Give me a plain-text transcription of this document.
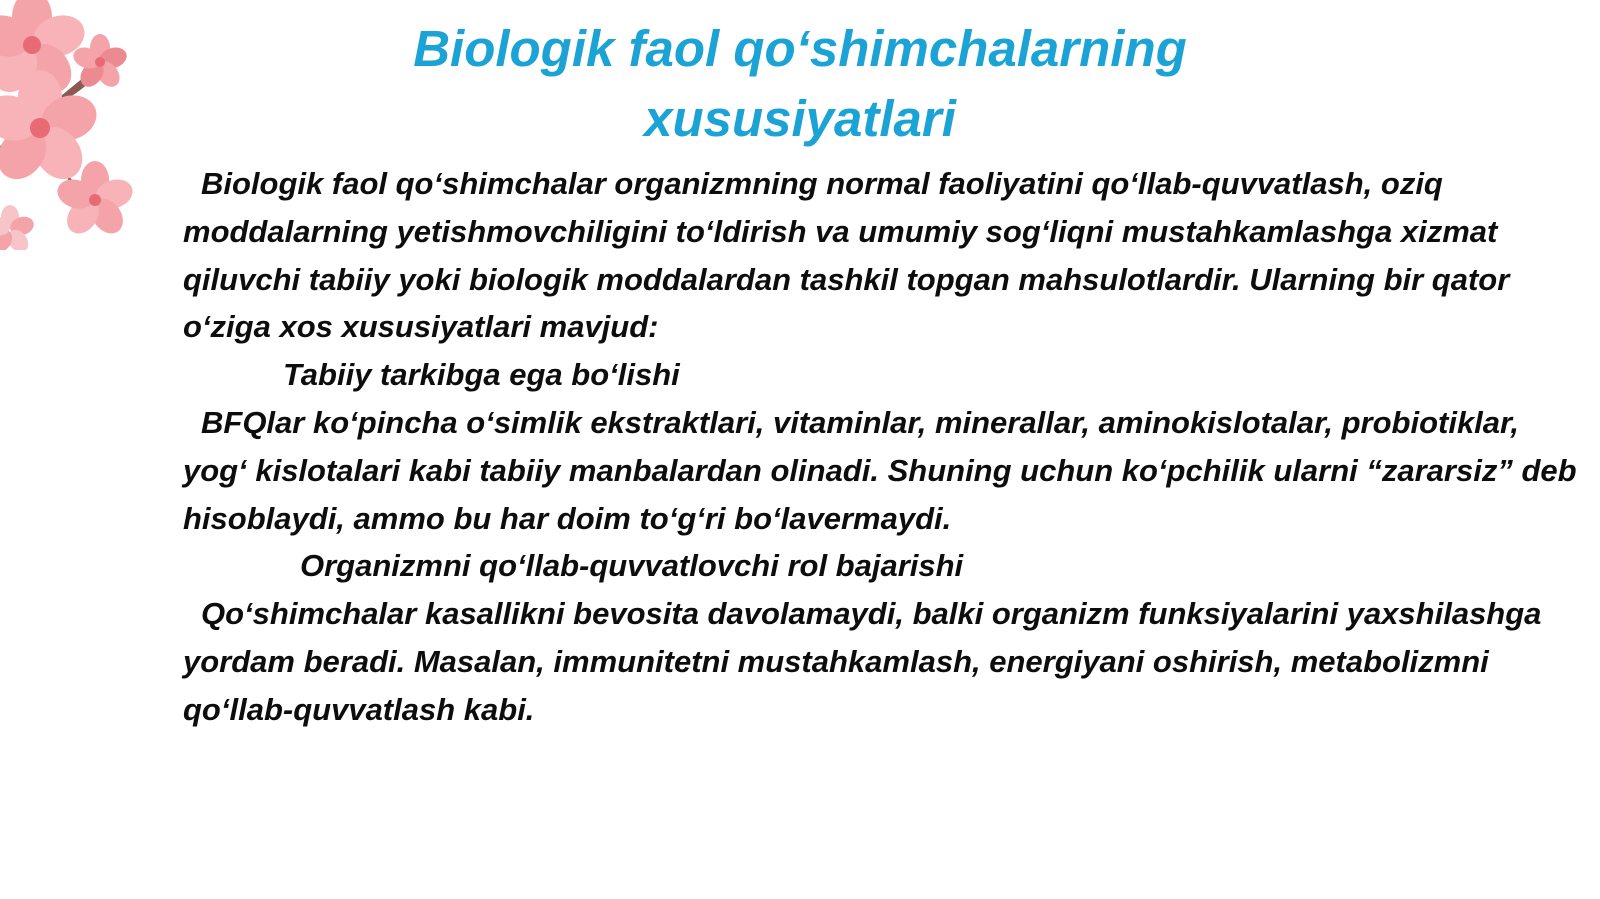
Biologik faol qo‘shimchalarning
xususiyatlari

Biologik faol qo‘shimchalar organizmning normal faoliyatini qo‘llab-quvvatlash, oziq moddalarning yetishmovchiligini to‘ldirish va umumiy sog‘liqni mustahkamlashga xizmat qiluvchi tabiiy yoki biologik moddalardan tashkil topgan mahsulotlardir. Ularning bir qator o‘ziga xos xususiyatlari mavjud:

Tabiiy tarkibga ega bo‘lishi

BFQlar ko‘pincha o‘simlik ekstraktlari, vitaminlar, minerallar, aminokislotalar, probiotiklar, yog‘ kislotalari kabi tabiiy manbalardan olinadi. Shuning uchun ko‘pchilik ularni “zararsiz” deb hisoblaydi, ammo bu har doim to‘g‘ri bo‘lavermaydi.

Organizmni qo‘llab-quvvatlovchi rol bajarishi

Qo‘shimchalar kasallikni bevosita davolamaydi, balki organizm funksiyalarini yaxshilashga yordam beradi. Masalan, immunitetni mustahkamlash, energiyani oshirish, metabolizmni qo‘llab-quvvatlash kabi.
